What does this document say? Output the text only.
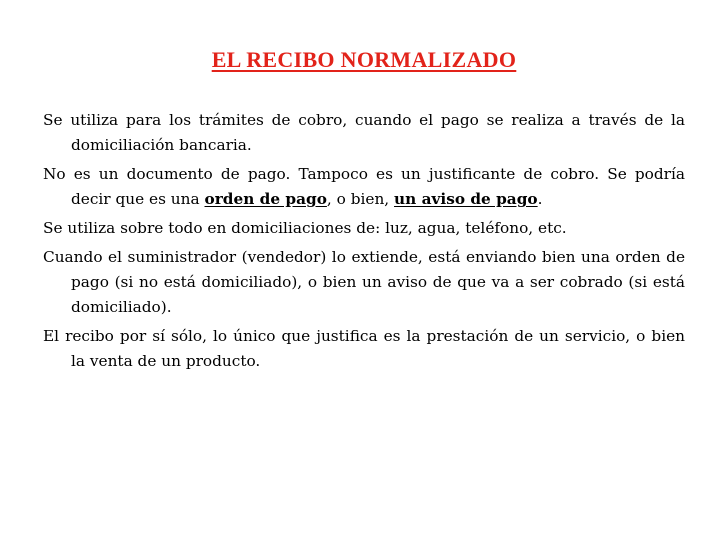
EL RECIBO NORMALIZADO

Se utiliza para los trámites de cobro, cuando el pago se realiza a través de la domiciliación bancaria.

No es un documento de pago. Tampoco es un justificante de cobro. Se podría decir que es una orden de pago, o bien, un aviso de pago.

Se utiliza sobre todo en domiciliaciones de: luz, agua, teléfono, etc.

Cuando el suministrador (vendedor) lo extiende, está enviando bien una orden de pago (si no está domiciliado), o bien un aviso de que va a ser cobrado (si está domiciliado).

El recibo por sí sólo, lo único que justifica es la prestación de un servicio, o bien la venta de un producto.
